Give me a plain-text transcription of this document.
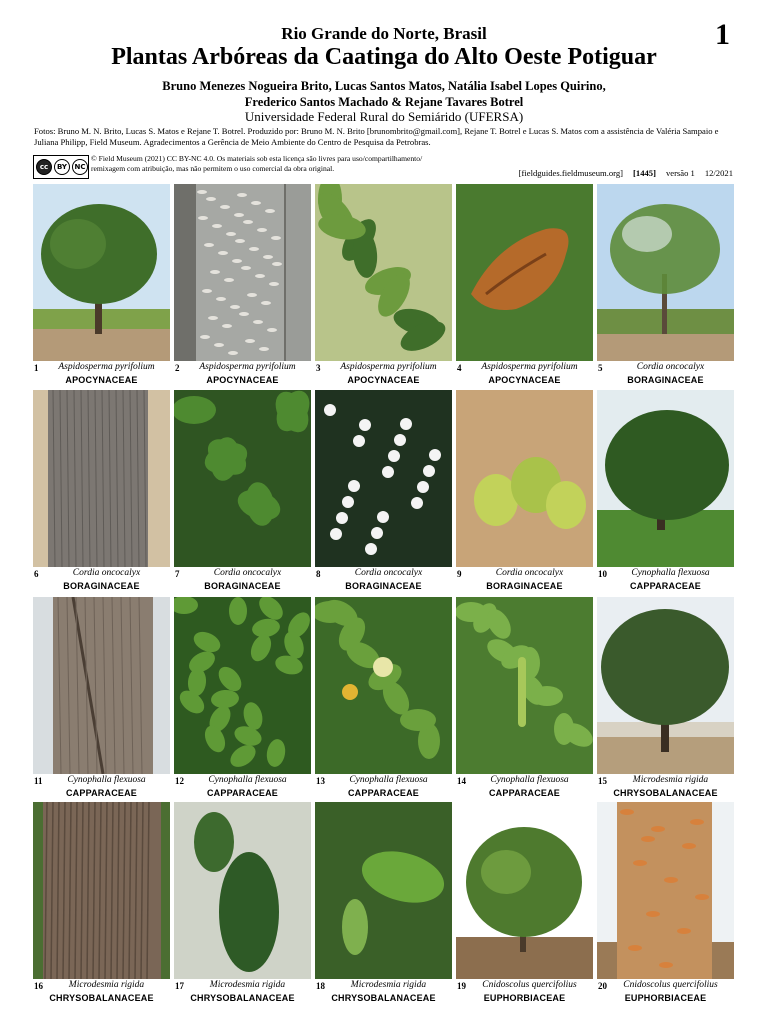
1
Rio Grande do Norte, Brasil
Plantas Arbóreas da Caatinga do Alto Oeste Potiguar
Bruno Menezes Nogueira Brito, Lucas Santos Matos, Natália Isabel Lopes Quirino,
Frederico Santos Machado & Rejane Tavares Botrel
Universidade Federal Rural do Semiárido (UFERSA)
Fotos: Bruno M. N. Brito, Lucas S. Matos e Rejane T. Botrel. Produzido por: Bruno M. N. Brito [brunombrito@gmail.com], Rejane T. Botrel e Lucas S. Matos com a assistência de Valéria Sampaio e Juliana Philipp, Field Museum. Agradecimentos a Gerência de Meio Ambiente do Centro de Pesquisa da Petrobras.
cc	BY	NC
© Field Museum (2021) CC BY-NC 4.0. Os materiais sob esta licença são livres para uso/compartilhamento/
remixagem com atribuição, mas não permitem o uso comercial da obra original.	[fieldguides.fieldmuseum.org] [1445] versão 1 12/2021
1	Aspidosperma pyrifolium
APOCYNACEAE
2	Aspidosperma pyrifolium
APOCYNACEAE
3	Aspidosperma pyrifolium
APOCYNACEAE
4	Aspidosperma pyrifolium
APOCYNACEAE
5	Cordia oncocalyx
BORAGINACEAE
6	Cordia oncocalyx
BORAGINACEAE
7	Cordia oncocalyx
BORAGINACEAE
8	Cordia oncocalyx
BORAGINACEAE
9	Cordia oncocalyx
BORAGINACEAE
10	Cynophalla flexuosa
CAPPARACEAE
11	Cynophalla flexuosa
CAPPARACEAE
12	Cynophalla flexuosa
CAPPARACEAE
13	Cynophalla flexuosa
CAPPARACEAE
14	Cynophalla flexuosa
CAPPARACEAE
15	Microdesmia rigida
CHRYSOBALANACEAE
16	Microdesmia rigida
CHRYSOBALANACEAE
17	Microdesmia rigida
CHRYSOBALANACEAE
18	Microdesmia rigida
CHRYSOBALANACEAE
19	Cnidoscolus quercifolius
EUPHORBIACEAE
20	Cnidoscolus quercifolius
EUPHORBIACEAE
